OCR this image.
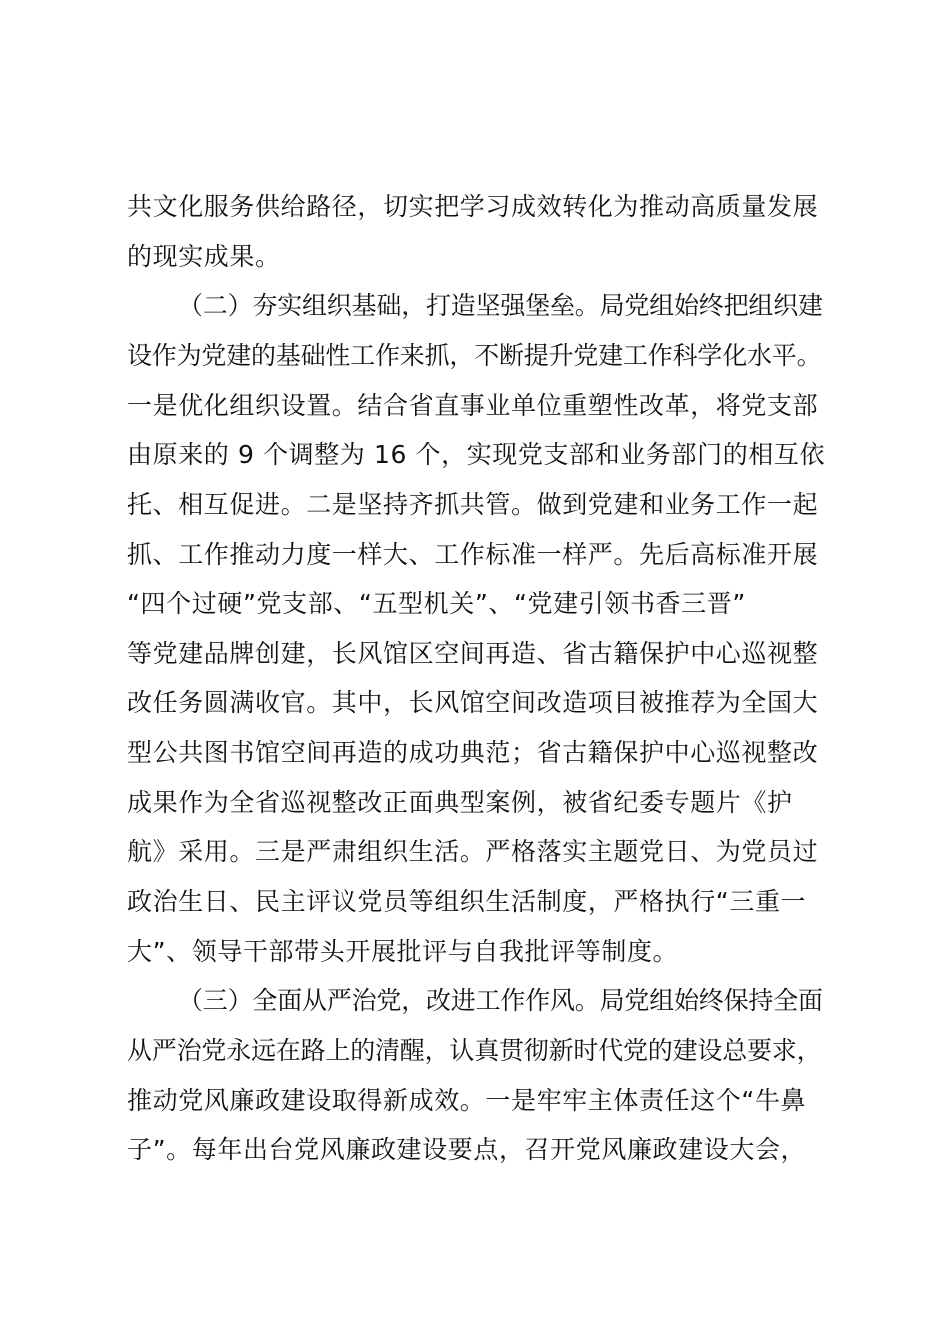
共文化服务供给路径，切实把学习成效转化为推动高质量发展

的现实成果。

（二）夯实组织基础，打造坚强堡垒。局党组始终把组织建

设作为党建的基础性工作来抓，不断提升党建工作科学化水平。

一是优化组织设置。结合省直事业单位重塑性改革，将党支部

由原来的 9 个调整为 16 个，实现党支部和业务部门的相互依

托、相互促进。二是坚持齐抓共管。做到党建和业务工作一起

抓、工作推动力度一样大、工作标准一样严。先后高标准开展

“四个过硬”党支部、“五型机关”、“党建引领书香三晋”

等党建品牌创建，长风馆区空间再造、省古籍保护中心巡视整

改任务圆满收官。其中，长风馆空间改造项目被推荐为全国大

型公共图书馆空间再造的成功典范；省古籍保护中心巡视整改

成果作为全省巡视整改正面典型案例，被省纪委专题片《护

航》采用。三是严肃组织生活。严格落实主题党日、为党员过

政治生日、民主评议党员等组织生活制度，严格执行“三重一

大”、领导干部带头开展批评与自我批评等制度。

（三）全面从严治党，改进工作作风。局党组始终保持全面

从严治党永远在路上的清醒，认真贯彻新时代党的建设总要求，

推动党风廉政建设取得新成效。一是牢牢主体责任这个“牛鼻

子”。每年出台党风廉政建设要点，召开党风廉政建设大会，
